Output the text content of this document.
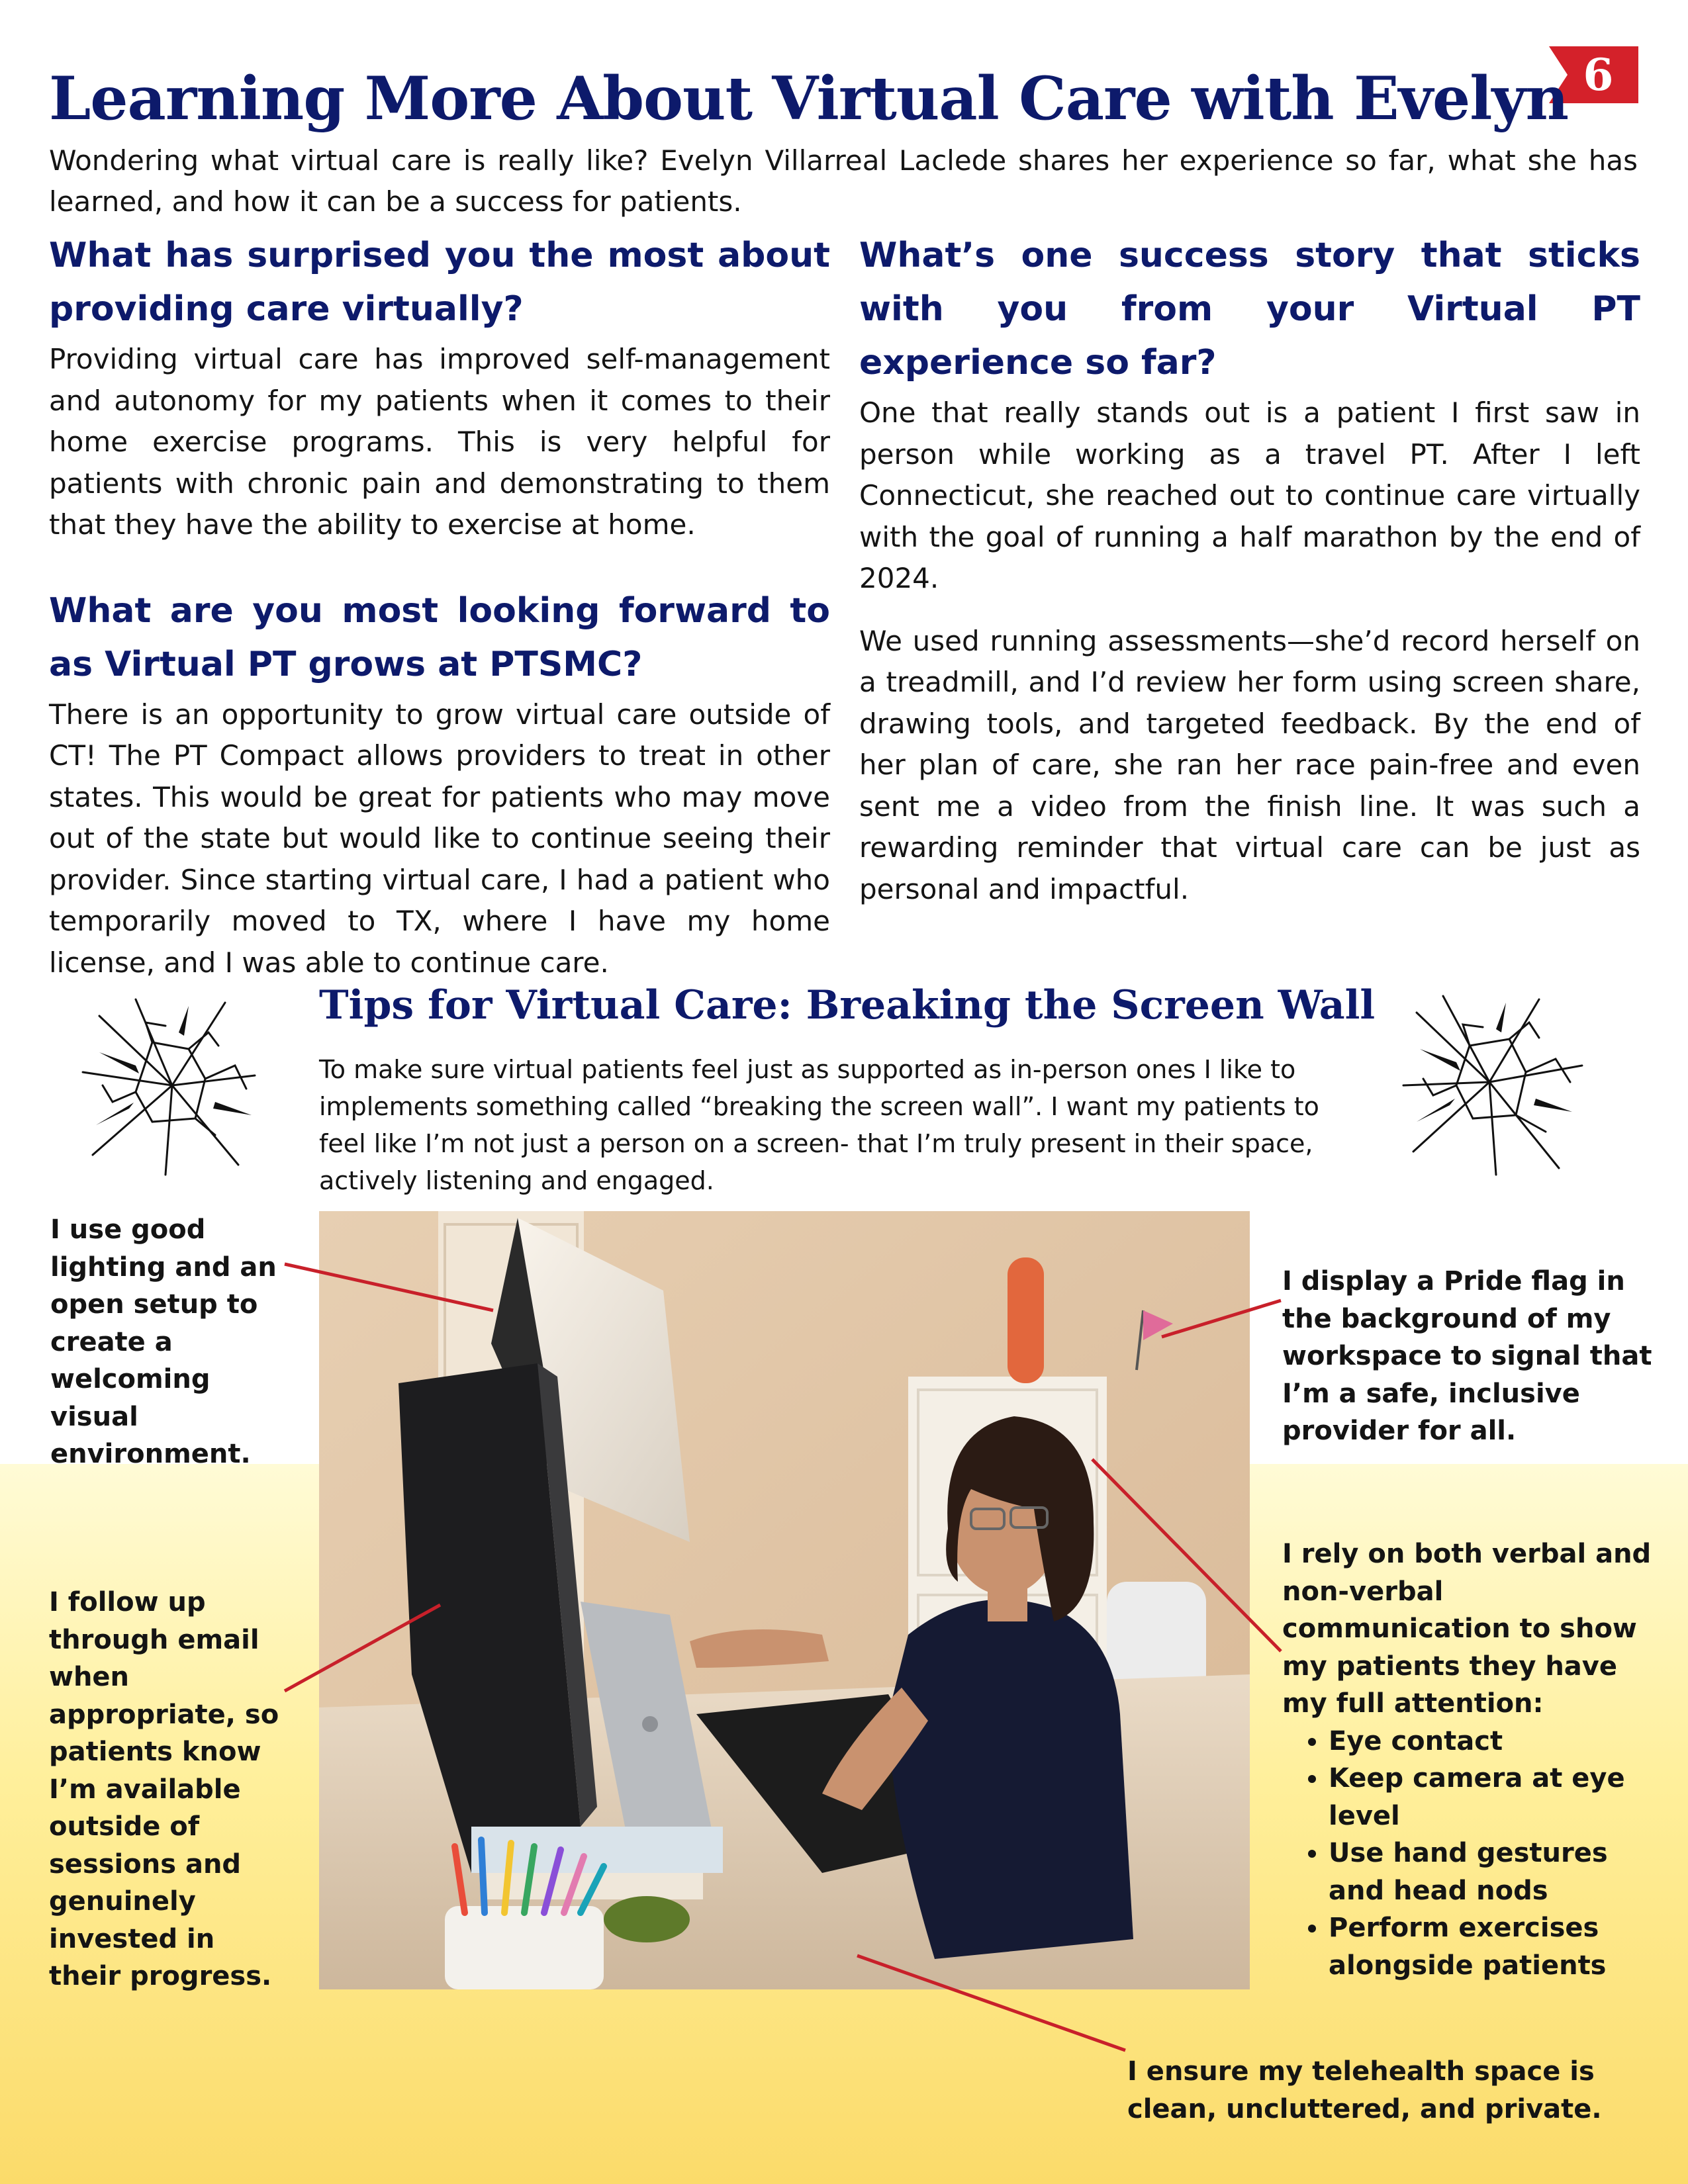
6
Learning More About Virtual Care with Evelyn

Wondering what virtual care is really like? Evelyn Villarreal Laclede shares her experience so far, what she has learned, and how it can be a success for patients.

What has surprised you the most about providing care virtually?

Providing virtual care has improved self-management and autonomy for my patients when it comes to their home exercise programs. This is very helpful for patients with chronic pain and demonstrating to them that they have the ability to exercise at home.

What are you most looking forward to as Virtual PT grows at PTSMC?

There is an opportunity to grow virtual care outside of CT! The PT Compact allows providers to treat in other states. This would be great for patients who may move out of the state but would like to continue seeing their provider. Since starting virtual care, I had a patient who temporarily moved to TX, where I have my home license, and I was able to continue care.

What’s one success story that sticks with you from your Virtual PT experience so far?

One that really stands out is a patient I first saw in person while working as a travel PT. After I left Connecticut, she reached out to continue care virtually with the goal of running a half marathon by the end of 2024.

We used running assessments—she’d record herself on a treadmill, and I’d review her form using screen share, drawing tools, and targeted feedback. By the end of her plan of care, she ran her race pain-free and even sent me a video from the finish line. It was such a rewarding reminder that virtual care can be just as personal and impactful.

Tips for Virtual Care: Breaking the Screen Wall

To make sure virtual patients feel just as supported as in-person ones I like to implements something called “breaking the screen wall”. I want my patients to feel like I’m not just a person on a screen- that I’m truly present in their space, actively listening and engaged.

I use good lighting and an open setup to create a welcoming visual environment.
I follow up through email when appropriate, so patients know I’m available outside of sessions and genuinely invested in their progress.
I display a Pride flag in the background of my workspace to signal that I’m a safe, inclusive provider for all.
I rely on both verbal and non-verbal communication to show my patients they have my full attention:
• Eye contact
• Keep camera at eye level
• Use hand gestures and head nods
• Perform exercises alongside patients
I ensure my telehealth space is clean, uncluttered, and private.
